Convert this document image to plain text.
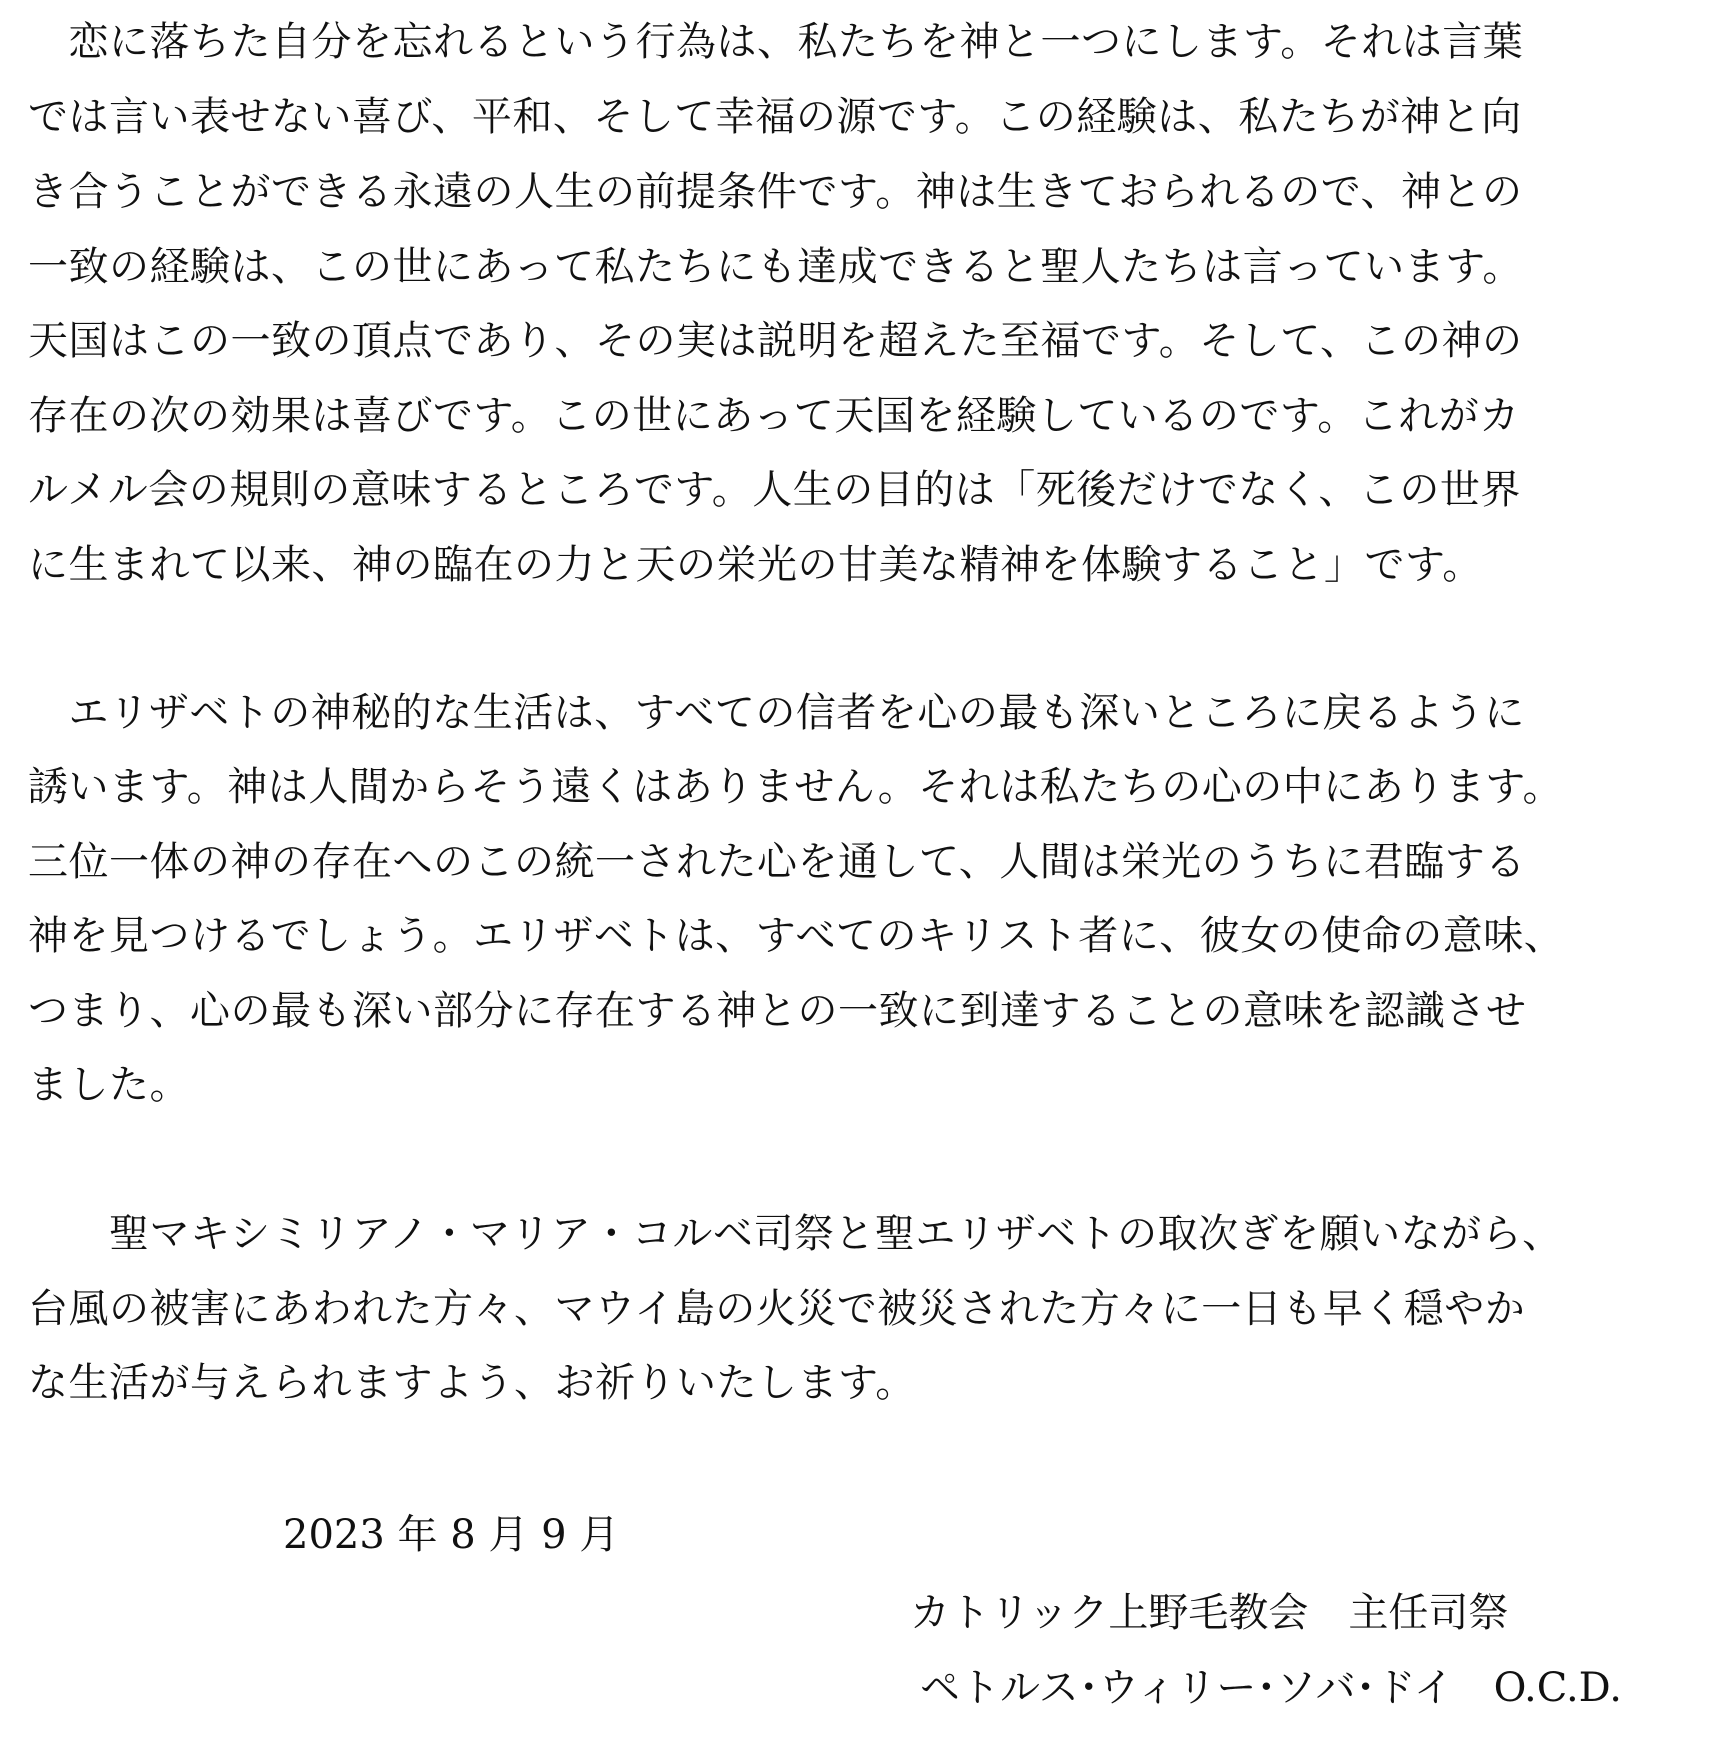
　恋に落ちた自分を忘れるという行為は、私たちを神と一つにします。それは言葉
では言い表せない喜び、平和、そして幸福の源です。この経験は、私たちが神と向
き合うことができる永遠の人生の前提条件です。神は生きておられるので、神との
一致の経験は、この世にあって私たちにも達成できると聖人たちは言っています。
天国はこの一致の頂点であり、その実は説明を超えた至福です。そして、この神の
存在の次の効果は喜びです。この世にあって天国を経験しているのです。これがカ
ルメル会の規則の意味するところです。人生の目的は「死後だけでなく、この世界
に生まれて以来、神の臨在の力と天の栄光の甘美な精神を体験すること」です。
　エリザベトの神秘的な生活は、すべての信者を心の最も深いところに戻るように
誘います。神は人間からそう遠くはありません。それは私たちの心の中にあります。
三位一体の神の存在へのこの統一された心を通して、人間は栄光のうちに君臨する
神を見つけるでしょう。エリザベトは、すべてのキリスト者に、彼女の使命の意味、
つまり、心の最も深い部分に存在する神との一致に到達することの意味を認識させ
ました。
　　聖マキシミリアノ・マリア・コルベ司祭と聖エリザベトの取次ぎを願いながら、
台風の被害にあわれた方々、マウイ島の火災で被災された方々に一日も早く穏やか
な生活が与えられますよう、お祈りいたします。
2023 年 8 月 9 月
カトリック上野毛教会　主任司祭
ペトルス･ウィリー･ソバ･ドイ　O.C.D.
